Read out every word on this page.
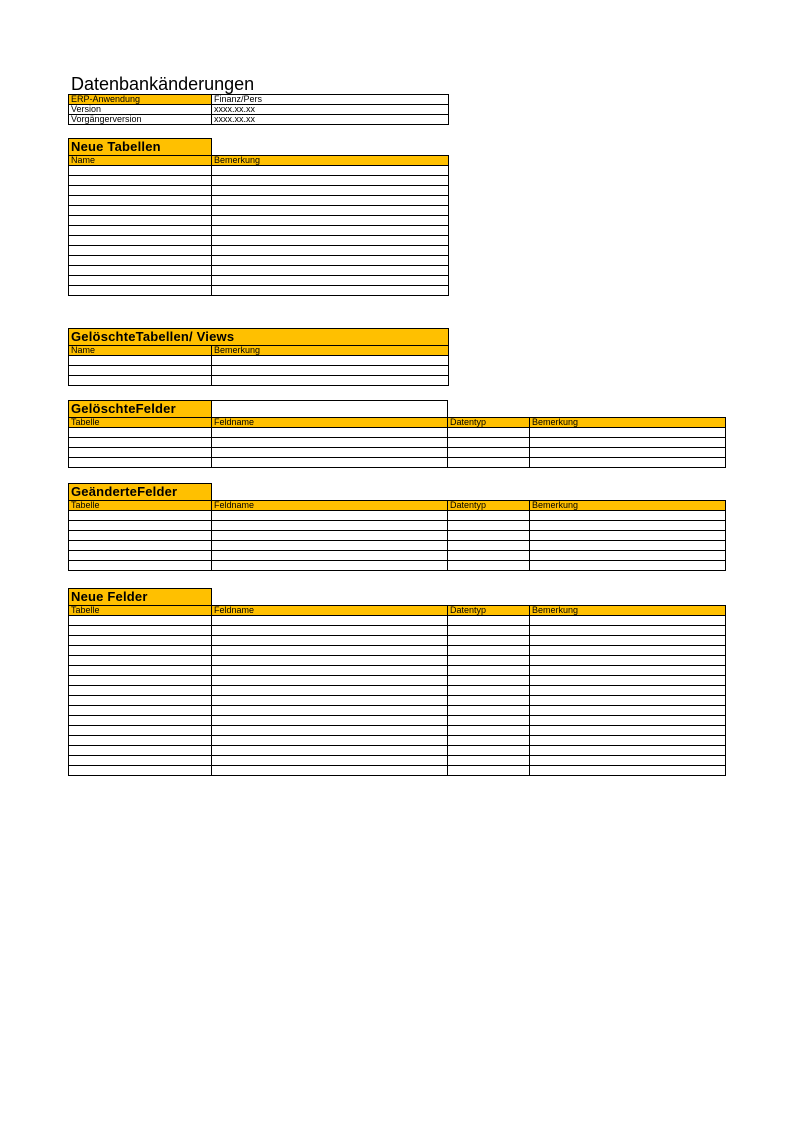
Datenbankänderungen
ERP-Anwendung	Finanz/Pers
Version	xxxx.xx.xx
Vorgängerversion	xxxx.xx.xx
Neue Tabellen	
Name	Bemerkung

GelöschteTabellen/ Views	
Name	Bemerkung

GelöschteFelder			
Tabelle	Feldname	Datentyp	Bemerkung

GeänderteFelder			
Tabelle	Feldname	Datentyp	Bemerkung

Neue Felder			
Tabelle	Feldname	Datentyp	Bemerkung
